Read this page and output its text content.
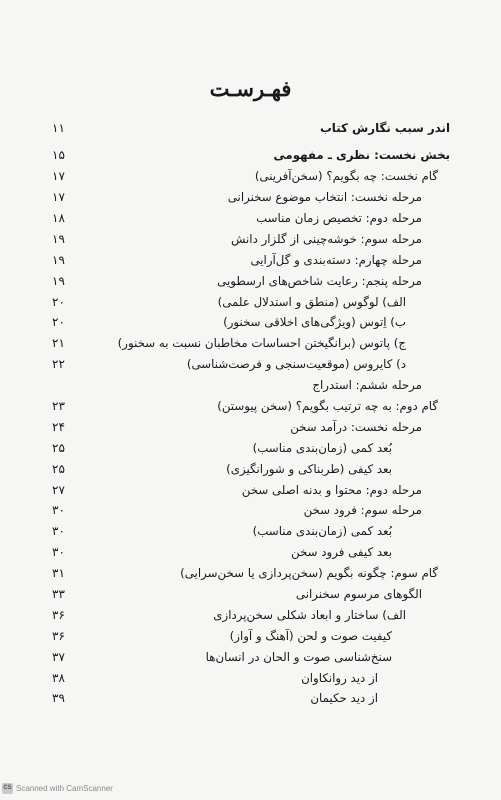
فهـرسـت
اندر سبب نگارش کتاب
۱۱
بخش نخست: نظری ـ مفهومی
۱۵
گام نخست: چه بگویم؟ (سخن‌آفرینی)
۱۷
مرحله نخست: انتخاب موضوع سخنرانی
۱۷
مرحله دوم: تخصیص زمان مناسب
۱۸
مرحله سوم: خوشه‌چینی از گلزار دانش
۱۹
مرحله چهارم: دسته‌بندی و گل‌آرایی
۱۹
مرحله پنجم: رعایت شاخص‌های ارسطویی
۱۹
الف) لوگوس (منطق و استدلال علمی)
۲۰
ب) اِتوس (ویژگی‌های اخلاقی سخنور)
۲۰
ج) پاتوس (برانگیختن احساسات مخاطبان نسبت به سخنور)
۲۱
د) کایروس (موقعیت‌سنجی و فرصت‌شناسی)
۲۲
مرحله ششم: استدراج
گام دوم: به چه ترتیب بگویم؟ (سخن پیوستن)
۲۳
مرحله نخست: درآمد سخن
۲۴
بُعد کمی (زمان‌بندی مناسب)
۲۵
بعد کیفی (طربناکی و شورانگیزی)
۲۵
مرحله دوم: محتوا و بدنه اصلی سخن
۲۷
مرحله سوم: فرود سخن
۳۰
بُعد کمی (زمان‌بندی مناسب)
۳۰
بعد کیفی فرود سخن
۳۰
گام سوم: چگونه بگویم (سخن‌پردازی یا سخن‌سرایی)
۳۱
الگوهای مرسوم سخنرانی
۳۳
الف) ساختار و ابعاد شکلی سخن‌پردازی
۳۶
کیفیت صوت و لحن (آهنگ و آواز)
۳۶
سنخ‌شناسی صوت و الحان در انسان‌ها
۳۷
از دید روانکاوان
۳۸
از دید حکیمان
۳۹
CS Scanned with CamScanner
